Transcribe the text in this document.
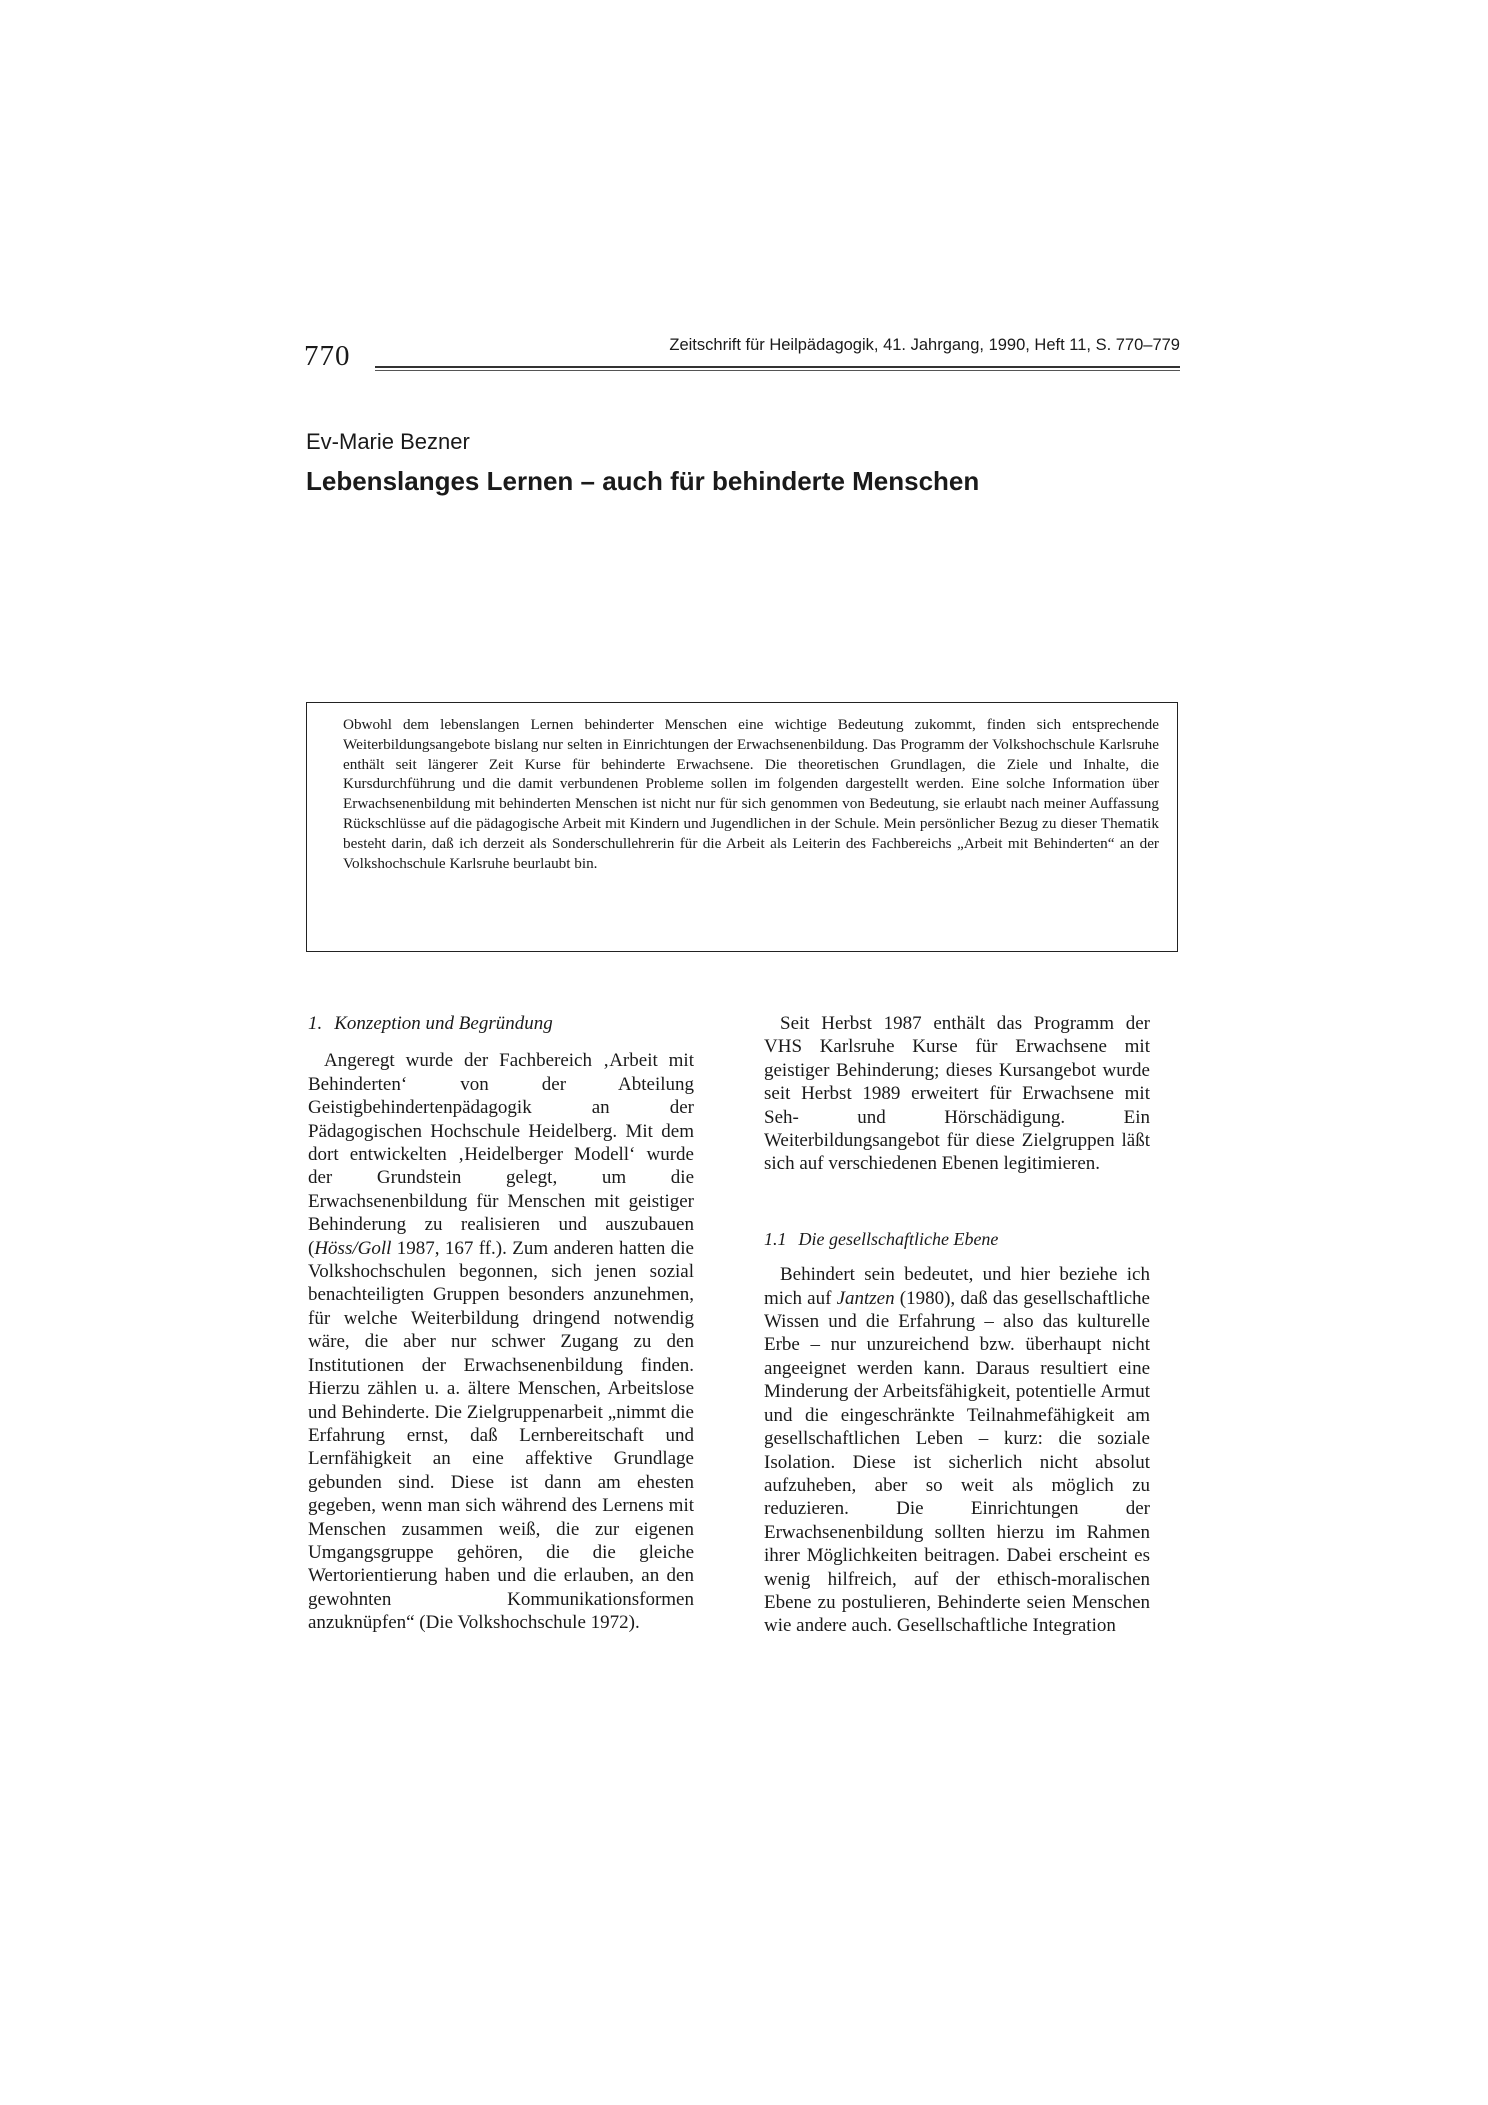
770	Zeitschrift für Heilpädagogik, 41. Jahrgang, 1990, Heft 11, S. 770–779
Ev-Marie Bezner
Lebenslanges Lernen – auch für behinderte Menschen
Obwohl dem lebenslangen Lernen behinderter Menschen eine wichtige Bedeutung zukommt, finden sich entsprechende Weiterbildungsangebote bislang nur selten in Einrichtungen der Erwachsenenbildung. Das Programm der Volkshochschule Karlsruhe enthält seit längerer Zeit Kurse für behinderte Erwachsene. Die theoretischen Grundlagen, die Ziele und Inhalte, die Kursdurchführung und die damit verbundenen Probleme sollen im folgenden dargestellt werden. Eine solche Information über Erwachsenenbildung mit behinderten Menschen ist nicht nur für sich genommen von Bedeutung, sie erlaubt nach meiner Auffassung Rückschlüsse auf die pädagogische Arbeit mit Kindern und Jugendlichen in der Schule. Mein persönlicher Bezug zu dieser Thematik besteht darin, daß ich derzeit als Sonderschullehrerin für die Arbeit als Leiterin des Fachbereichs „Arbeit mit Behinderten“ an der Volkshochschule Karlsruhe beurlaubt bin.
1. Konzeption und Begründung

Angeregt wurde der Fachbereich ‚Arbeit mit Behinderten‘ von der Abteilung Geistigbehindertenpädagogik an der Pädagogischen Hochschule Heidelberg. Mit dem dort entwickelten ‚Heidelberger Modell‘ wurde der Grundstein gelegt, um die Erwachsenenbildung für Menschen mit geistiger Behinderung zu realisieren und auszubauen (Höss/Goll 1987, 167 ff.). Zum anderen hatten die Volkshochschulen begonnen, sich jenen sozial benachteiligten Gruppen besonders anzunehmen, für welche Weiterbildung dringend notwendig wäre, die aber nur schwer Zugang zu den Institutionen der Erwachsenenbildung finden. Hierzu zählen u. a. ältere Menschen, Arbeitslose und Behinderte. Die Zielgruppenarbeit „nimmt die Erfahrung ernst, daß Lernbereitschaft und Lernfähigkeit an eine affektive Grundlage gebunden sind. Diese ist dann am ehesten gegeben, wenn man sich während des Lernens mit Menschen zusammen weiß, die zur eigenen Umgangsgruppe gehören, die die gleiche Wertorientierung haben und die erlauben, an den gewohnten Kommunikationsformen anzuknüpfen“ (Die Volkshochschule 1972).

Seit Herbst 1987 enthält das Programm der VHS Karlsruhe Kurse für Erwachsene mit geistiger Behinderung; dieses Kursangebot wurde seit Herbst 1989 erweitert für Erwachsene mit Seh- und Hörschädigung. Ein Weiterbildungsangebot für diese Zielgruppen läßt sich auf verschiedenen Ebenen legitimieren.

1.1 Die gesellschaftliche Ebene

Behindert sein bedeutet, und hier beziehe ich mich auf Jantzen (1980), daß das gesellschaftliche Wissen und die Erfahrung – also das kulturelle Erbe – nur unzureichend bzw. überhaupt nicht angeeignet werden kann. Daraus resultiert eine Minderung der Arbeitsfähigkeit, potentielle Armut und die eingeschränkte Teilnahmefähigkeit am gesellschaftlichen Leben – kurz: die soziale Isolation. Diese ist sicherlich nicht absolut aufzuheben, aber so weit als möglich zu reduzieren. Die Einrichtungen der Erwachsenenbildung sollten hierzu im Rahmen ihrer Möglichkeiten beitragen. Dabei erscheint es wenig hilfreich, auf der ethisch-moralischen Ebene zu postulieren, Behinderte seien Menschen wie andere auch. Gesellschaftliche Integration
